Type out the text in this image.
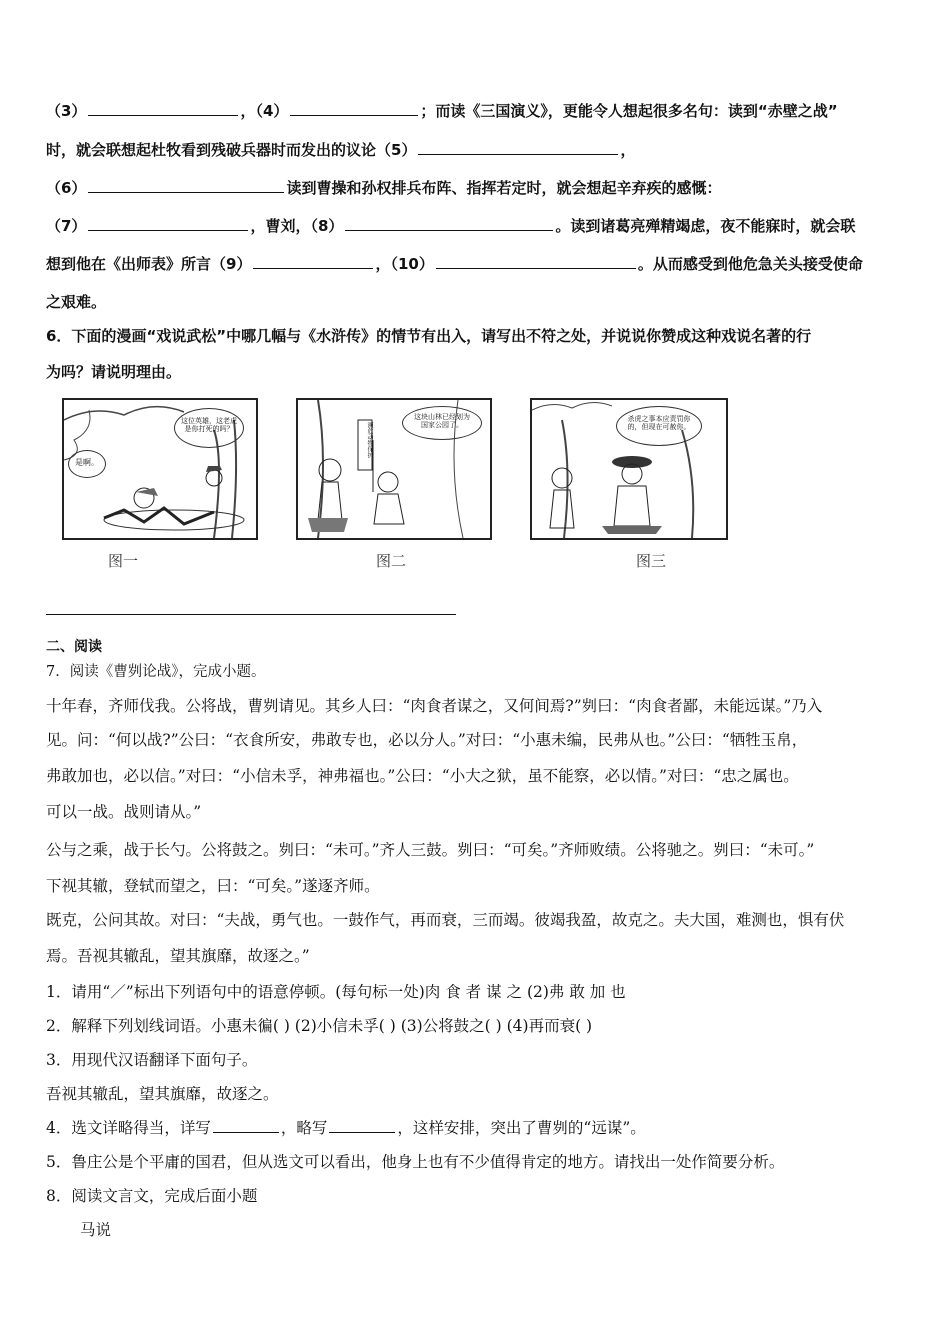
（3）	，（4）	；而读《三国演义》，更能令人想起很多名句：读到“赤壁之战”
时，就会联想起杜牧看到残破兵器时而发出的议论（5）	，
（6）	读到曹操和孙权排兵布阵、指挥若定时，就会想起辛弃疾的感慨：
（7）	，曹刘，（8）	。读到诸葛亮殚精竭虑，夜不能寐时，就会联
想到他在《出师表》所言（9）	，（10）	。从而感受到他危急关头接受使命
之艰难。
6．下面的漫画“戏说武松”中哪几幅与《水浒传》的情节有出入，请写出不符之处，并说说你赞成这种戏说名著的行
为吗？请说明理由。
这位英雄，这老虎是你打死的吗？
是啊。
这块山林已经划为国家公园了。
濒危动物保护
杀虎之事本应责罚你的，但现在可赦你。
图一	图二	图三
二、阅读
7．阅读《曹刿论战》，完成小题。
十年春，齐师伐我。公将战，曹刿请见。其乡人曰：“肉食者谋之，又何间焉?”刿曰：“肉食者鄙，未能远谋。”乃入
见。问：“何以战?”公曰：“衣食所安，弗敢专也，必以分人。”对曰：“小惠未编，民弗从也。”公曰：“牺牲玉帛，
弗敢加也，必以信。”对曰：“小信未孚，神弗福也。”公曰：“小大之狱，虽不能察，必以情。”对曰：“忠之属也。
可以一战。战则请从。”
公与之乘，战于长勺。公将鼓之。刿曰：“未可。”齐人三鼓。刿曰：“可矣。”齐师败绩。公将驰之。刿曰：“未可。”
下视其辙，登轼而望之，曰：“可矣。”遂逐齐师。
既克，公问其故。对曰：“夫战，勇气也。一鼓作气，再而衰，三而竭。彼竭我盈，故克之。夫大国，难测也，惧有伏
焉。吾视其辙乱，望其旗靡，故逐之。”
1．请用“／”标出下列语句中的语意停顿。(每句标一处)肉 食 者 谋 之 (2)弗 敢 加 也
2．解释下列划线词语。小惠未徧( ) (2)小信未孚( ) (3)公将鼓之( ) (4)再而衰( )
3．用现代汉语翻译下面句子。
吾视其辙乱，望其旗靡，故逐之。
4．选文详略得当，详写	，略写	，这样安排，突出了曹刿的“远谋”。
5．鲁庄公是个平庸的国君，但从选文可以看出，他身上也有不少值得肯定的地方。请找出一处作简要分析。
8．阅读文言文，完成后面小题
马说
